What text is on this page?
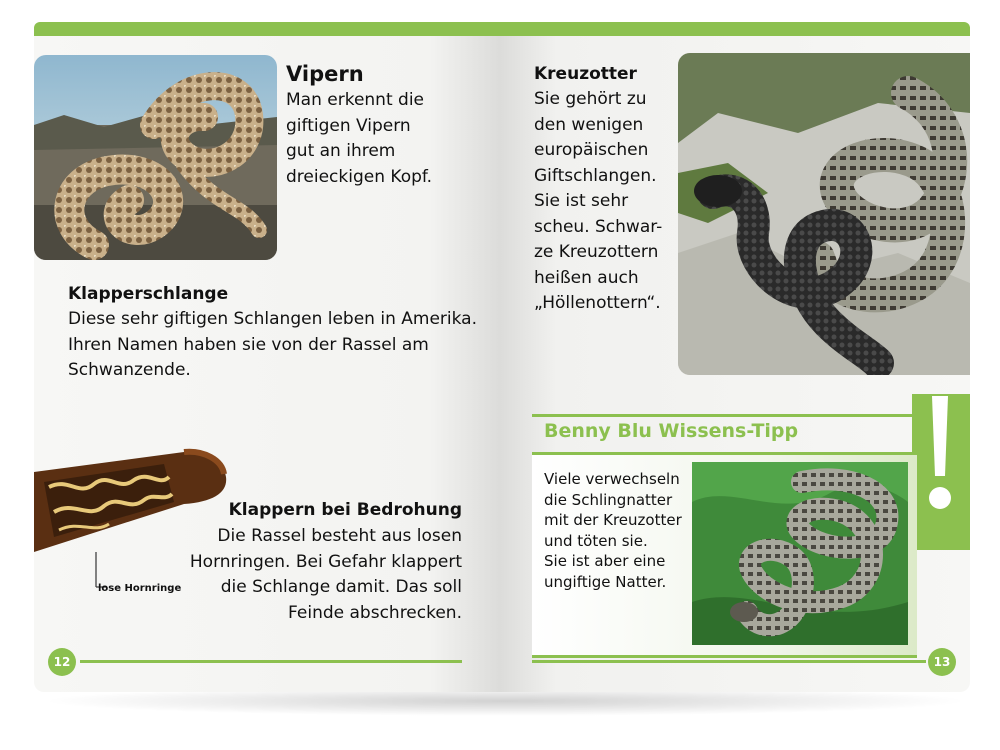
Vipern
Man erkennt die
giftigen Vipern
gut an ihrem
dreieckigen Kopf.
Klapperschlange
Diese sehr giftigen Schlangen leben in Amerika.
Ihren Namen haben sie von der Rassel am
Schwanzende.
lose Hornringe
Klappern bei Bedrohung
Die Rassel besteht aus losen
Hornringen. Bei Gefahr klappert
die Schlange damit. Das soll
Feinde abschrecken.
12
Kreuzotter
Sie gehört zu
den wenigen
europäischen
Giftschlangen.
Sie ist sehr
scheu. Schwar-
ze Kreuzottern
heißen auch
„Höllenottern“.
Benny Blu Wissens-Tipp
Viele verwechseln
die Schlingnatter
mit der Kreuzotter
und töten sie.
Sie ist aber eine
ungiftige Natter.
13
